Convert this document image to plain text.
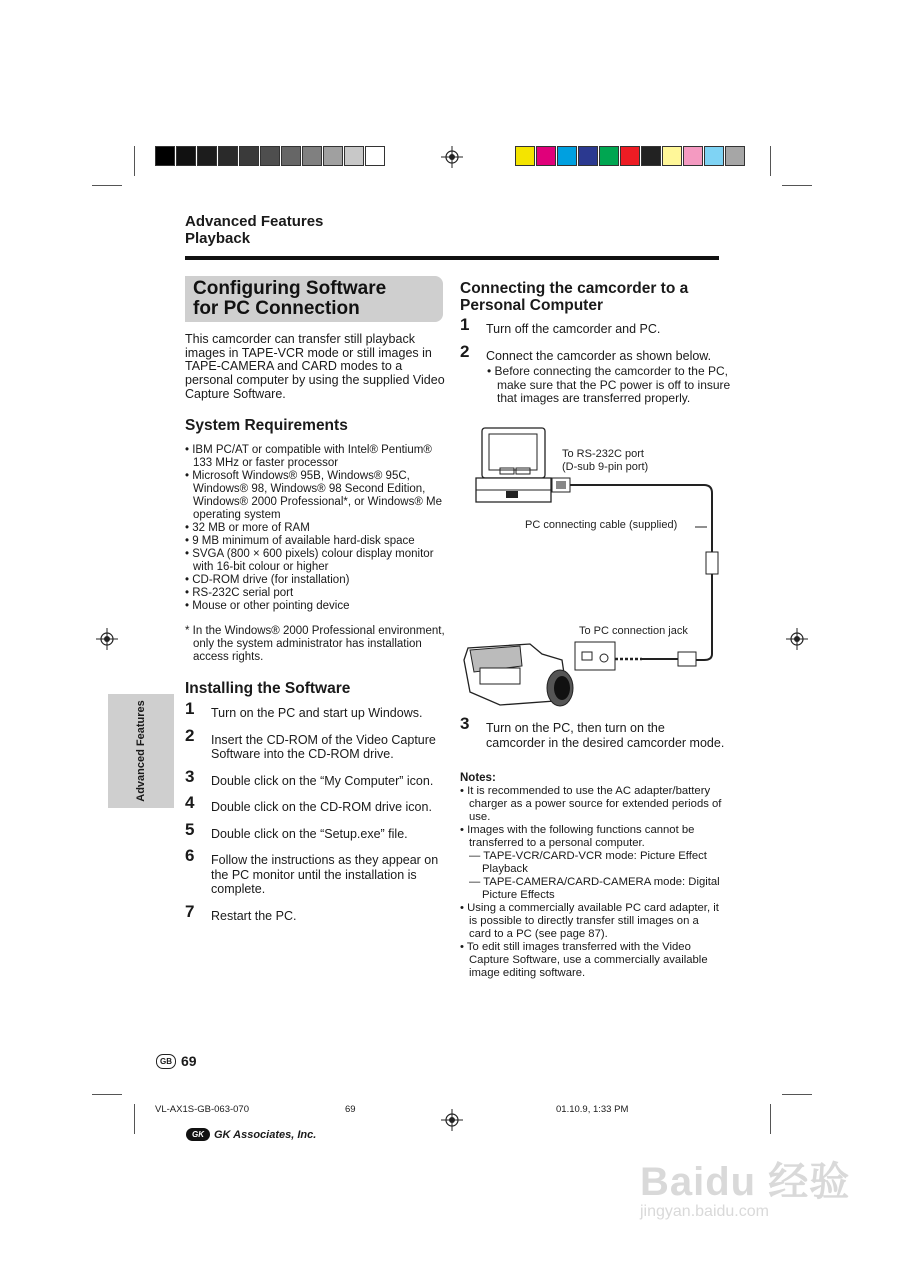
Advanced Features
Playback
Configuring Software
for PC Connection
This camcorder can transfer still playback images in TAPE-VCR mode or still images in TAPE-CAMERA and CARD modes to a personal computer by using the supplied Video Capture Software.
System Requirements
• IBM PC/AT or compatible with Intel® Pentium® 133 MHz or faster processor
• Microsoft Windows® 95B, Windows® 95C, Windows® 98, Windows® 98 Second Edition, Windows® 2000 Professional*, or Windows® Me operating system
• 32 MB or more of RAM
• 9 MB minimum of available hard-disk space
• SVGA (800 × 600 pixels) colour display monitor with 16-bit colour or higher
• CD-ROM drive (for installation)
• RS-232C serial port
• Mouse or other pointing device
* In the Windows® 2000 Professional environment, only the system administrator has installation access rights.
Installing the Software
1 Turn on the PC and start up Windows.
2 Insert the CD-ROM of the Video Capture Software into the CD-ROM drive.
3 Double click on the “My Computer” icon.
4 Double click on the CD-ROM drive icon.
5 Double click on the “Setup.exe” file.
6 Follow the instructions as they appear on the PC monitor until the installation is complete.
7 Restart the PC.
Advanced Features
Connecting the camcorder to a
Personal Computer
1 Turn off the camcorder and PC.
2 Connect the camcorder as shown below.
• Before connecting the camcorder to the PC, make sure that the PC power is off to insure that images are transferred properly.
To RS-232C port
(D-sub 9-pin port)
PC connecting cable (supplied)
To PC connection jack
3 Turn on the PC, then turn on the camcorder in the desired camcorder mode.
Notes:
• It is recommended to use the AC adapter/battery charger as a power source for extended periods of use.
• Images with the following functions cannot be transferred to a personal computer.
— TAPE-VCR/CARD-VCR mode: Picture Effect Playback
— TAPE-CAMERA/CARD-CAMERA mode: Digital Picture Effects
• Using a commercially available PC card adapter, it is possible to directly transfer still images on a card to a PC (see page 87).
• To edit still images transferred with the Video Capture Software, use a commercially available image editing software.
GB 69
VL-AX1S-GB-063-070	69	01.10.9, 1:33 PM
GK GK Associates, Inc.
Baidu 经验
jingyan.baidu.com
